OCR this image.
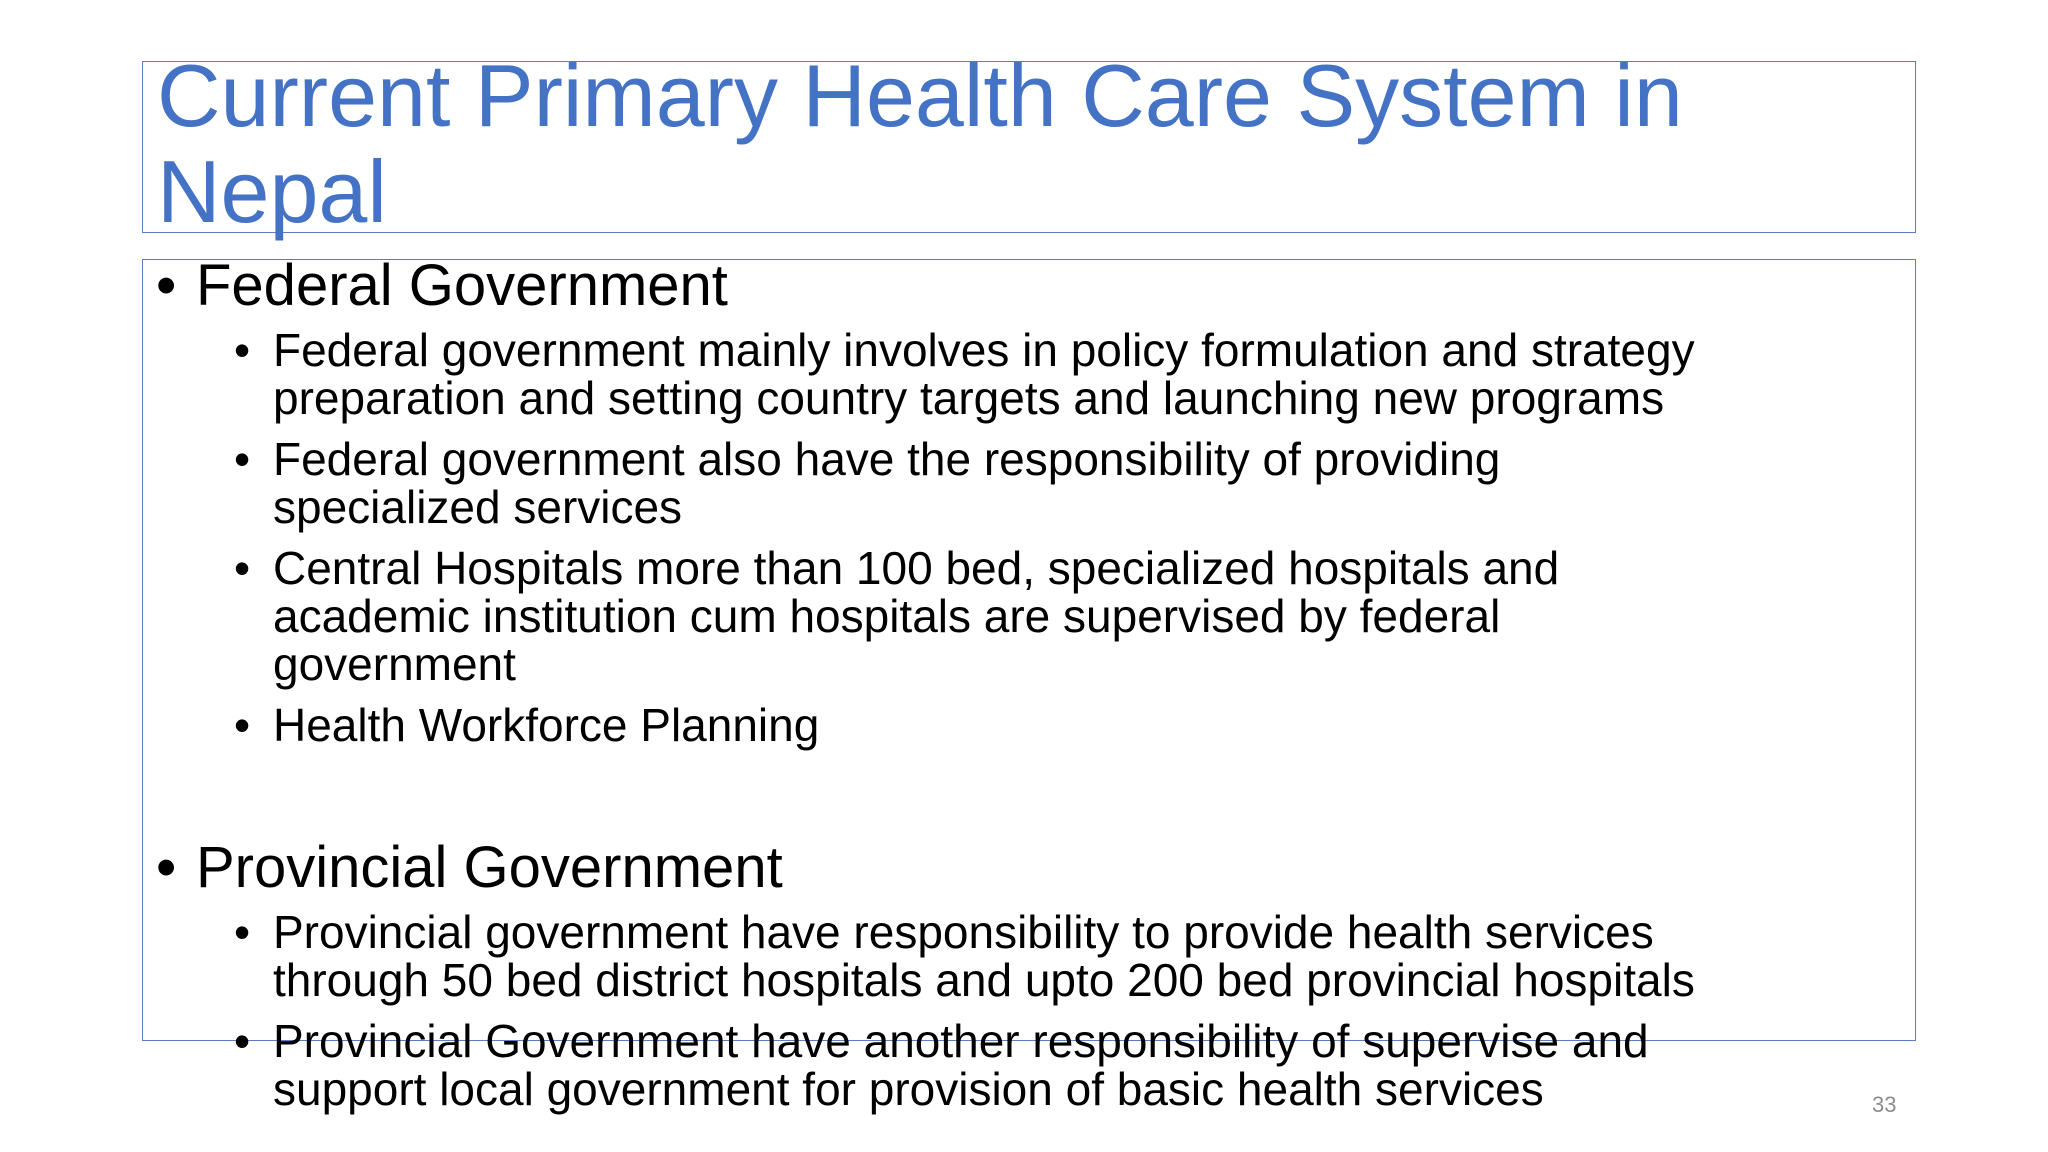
Current Primary Health Care System in
Nepal
• Federal Government
• Federal government mainly involves in policy formulation and strategy
preparation and setting country targets and launching new programs
• Federal government also have the responsibility of providing
specialized services
• Central Hospitals more than 100 bed, specialized hospitals and
academic institution cum hospitals are supervised by federal
government
• Health Workforce Planning
• Provincial Government
• Provincial government have responsibility to provide health services
through 50 bed district hospitals and upto 200 bed provincial hospitals
• Provincial Government have another responsibility of supervise and
support local government for provision of basic health services	33
